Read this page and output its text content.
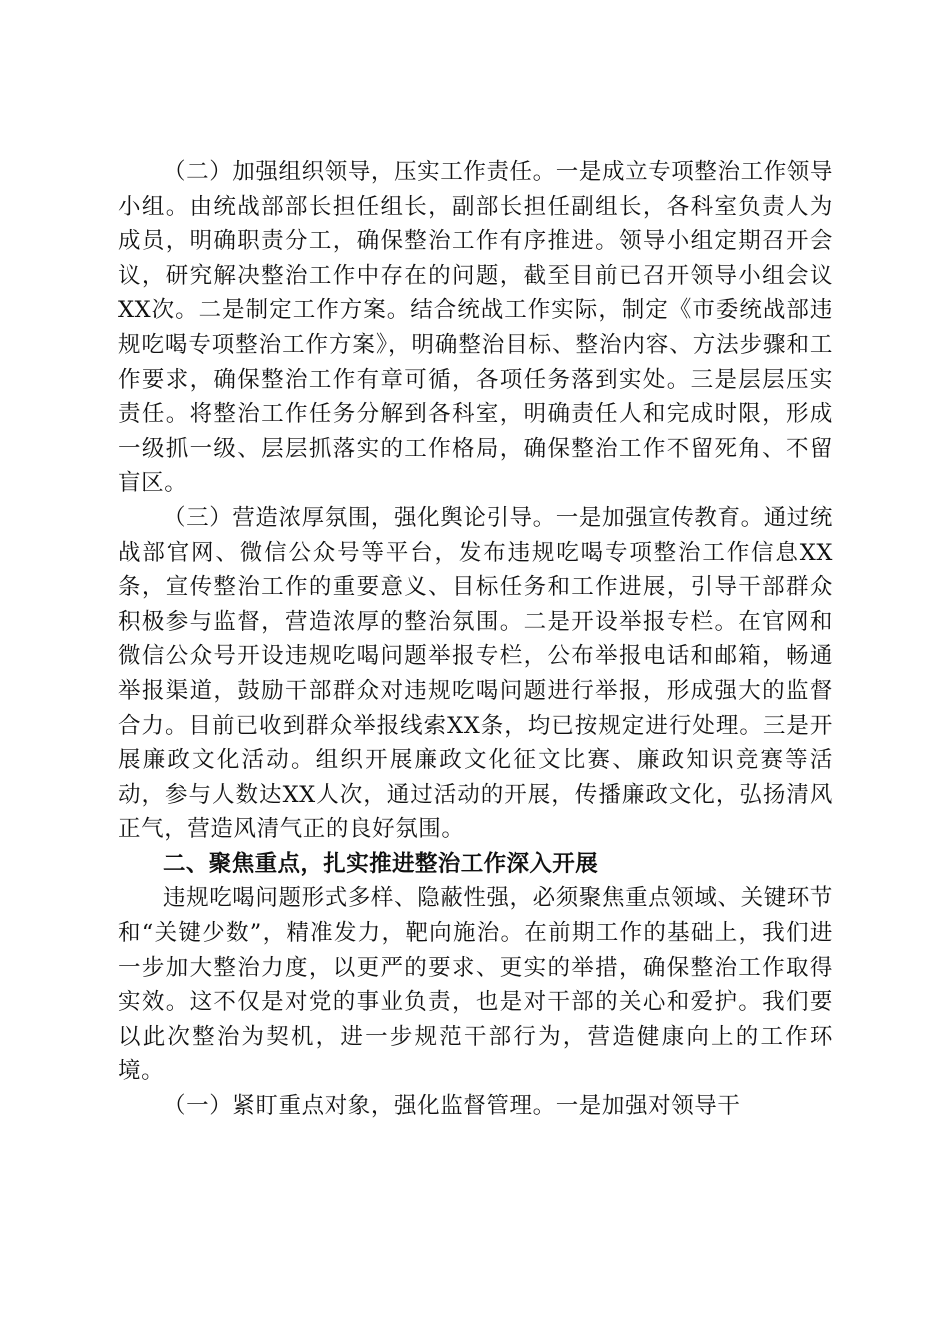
（二）加强组织领导，压实工作责任。一是成立专项整治工作领导小组。由统战部部长担任组长，副部长担任副组长，各科室负责人为成员，明确职责分工，确保整治工作有序推进。领导小组定期召开会议，研究解决整治工作中存在的问题，截至目前已召开领导小组会议XX次。二是制定工作方案。结合统战工作实际，制定《市委统战部违规吃喝专项整治工作方案》，明确整治目标、整治内容、方法步骤和工作要求，确保整治工作有章可循，各项任务落到实处。三是层层压实责任。将整治工作任务分解到各科室，明确责任人和完成时限，形成一级抓一级、层层抓落实的工作格局，确保整治工作不留死角、不留盲区。

（三）营造浓厚氛围，强化舆论引导。一是加强宣传教育。通过统战部官网、微信公众号等平台，发布违规吃喝专项整治工作信息XX条，宣传整治工作的重要意义、目标任务和工作进展，引导干部群众积极参与监督，营造浓厚的整治氛围。二是开设举报专栏。在官网和微信公众号开设违规吃喝问题举报专栏，公布举报电话和邮箱，畅通举报渠道，鼓励干部群众对违规吃喝问题进行举报，形成强大的监督合力。目前已收到群众举报线索XX条，均已按规定进行处理。三是开展廉政文化活动。组织开展廉政文化征文比赛、廉政知识竞赛等活动，参与人数达XX人次，通过活动的开展，传播廉政文化，弘扬清风正气，营造风清气正的良好氛围。

二、聚焦重点，扎实推进整治工作深入开展

违规吃喝问题形式多样、隐蔽性强，必须聚焦重点领域、关键环节和“关键少数”，精准发力，靶向施治。在前期工作的基础上，我们进一步加大整治力度，以更严的要求、更实的举措，确保整治工作取得实效。这不仅是对党的事业负责，也是对干部的关心和爱护。我们要以此次整治为契机，进一步规范干部行为，营造健康向上的工作环境。

（一）紧盯重点对象，强化监督管理。一是加强对领导干
